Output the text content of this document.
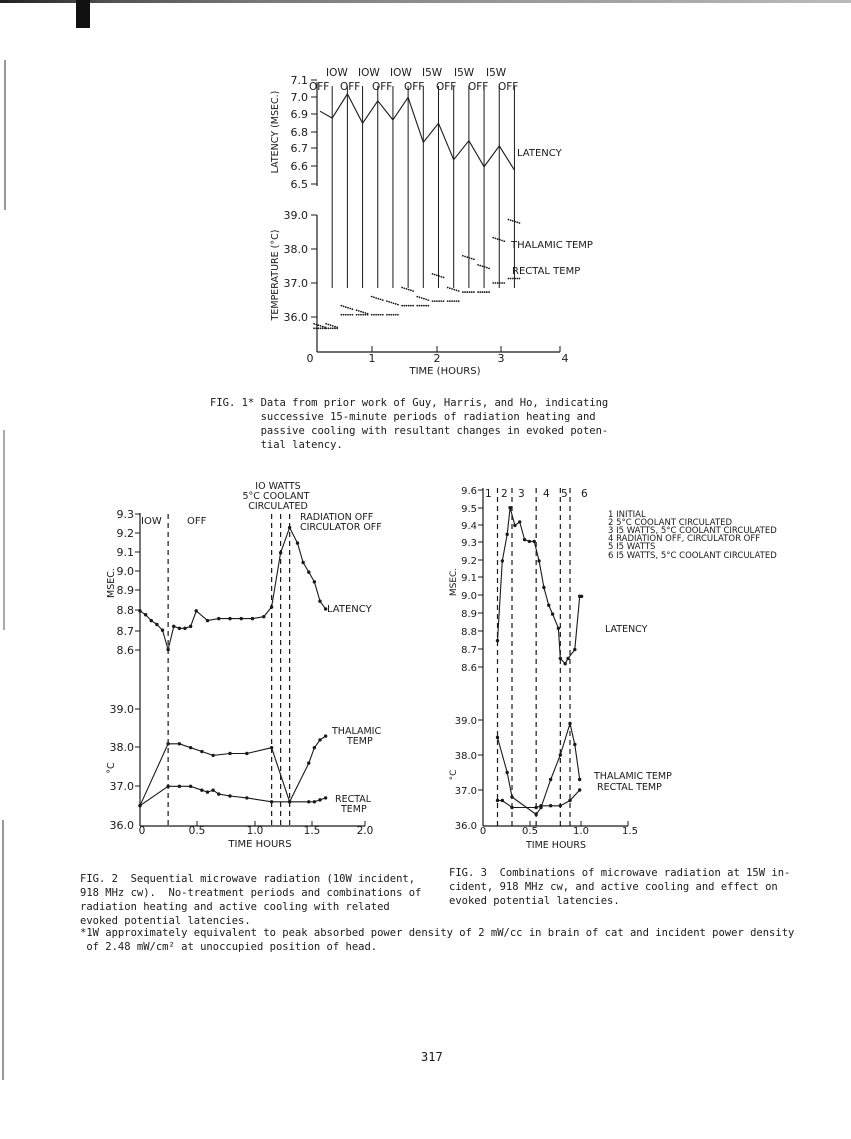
7.1
7.0
6.9
6.8
6.7
6.6
6.5
39.0
38.0
37.0
36.0
0	1	2	3	4
TIME (HOURS)
LATENCY (MSEC.)
TEMPERATURE (°C)
IOW IOW IOW I5W I5W I5W
OFF OFF OFF OFF OFF OFF OFF
LATENCY
THALAMIC TEMP
RECTAL TEMP

FIG. 1* Data from prior work of Guy, Harris, and Ho, indicating
successive 15-minute periods of radiation heating and
passive cooling with resultant changes in evoked poten-
tial latency.

9.3
9.2
9.1
9.0
8.9
8.8
8.7
8.6
39.0
38.0
37.0
36.0 0	0.5	1.0	1.5	2.0
TIME HOURS
MSEC.
°C
IOW	OFF
IO WATTS
5°C COOLANT
CIRCULATED
RADIATION OFF
CIRCULATOR OFF
LATENCY
THALAMIC
TEMP
RECTAL
TEMP

FIG. 2  Sequential microwave radiation (10W incident,
918 MHz cw).  No-treatment periods and combinations of
radiation heating and active cooling with related
evoked potential latencies.

9.6
9.5
9.4
9.3
9.2
9.1
9.0
8.9
8.8
8.7
8.6
39.0
38.0
37.0
36.0 0	0.5	1.0	1.5
TIME HOURS
MSEC.
°C
1 2 3 4 5 6
1 INITIAL
2 5°C COOLANT CIRCULATED
3 I5 WATTS, 5°C COOLANT CIRCULATED
4 RADIATION OFF, CIRCULATOR OFF
5 I5 WATTS
6 I5 WATTS, 5°C COOLANT CIRCULATED
LATENCY
THALAMIC TEMP
RECTAL TEMP

FIG. 3  Combinations of microwave radiation at 15W in-
cident, 918 MHz cw, and active cooling and effect on
evoked potential latencies.

*1W approximately equivalent to peak absorbed power density of 2 mW/cc in brain of cat and incident power density
of 2.48 mW/cm² at unoccupied position of head.

317
